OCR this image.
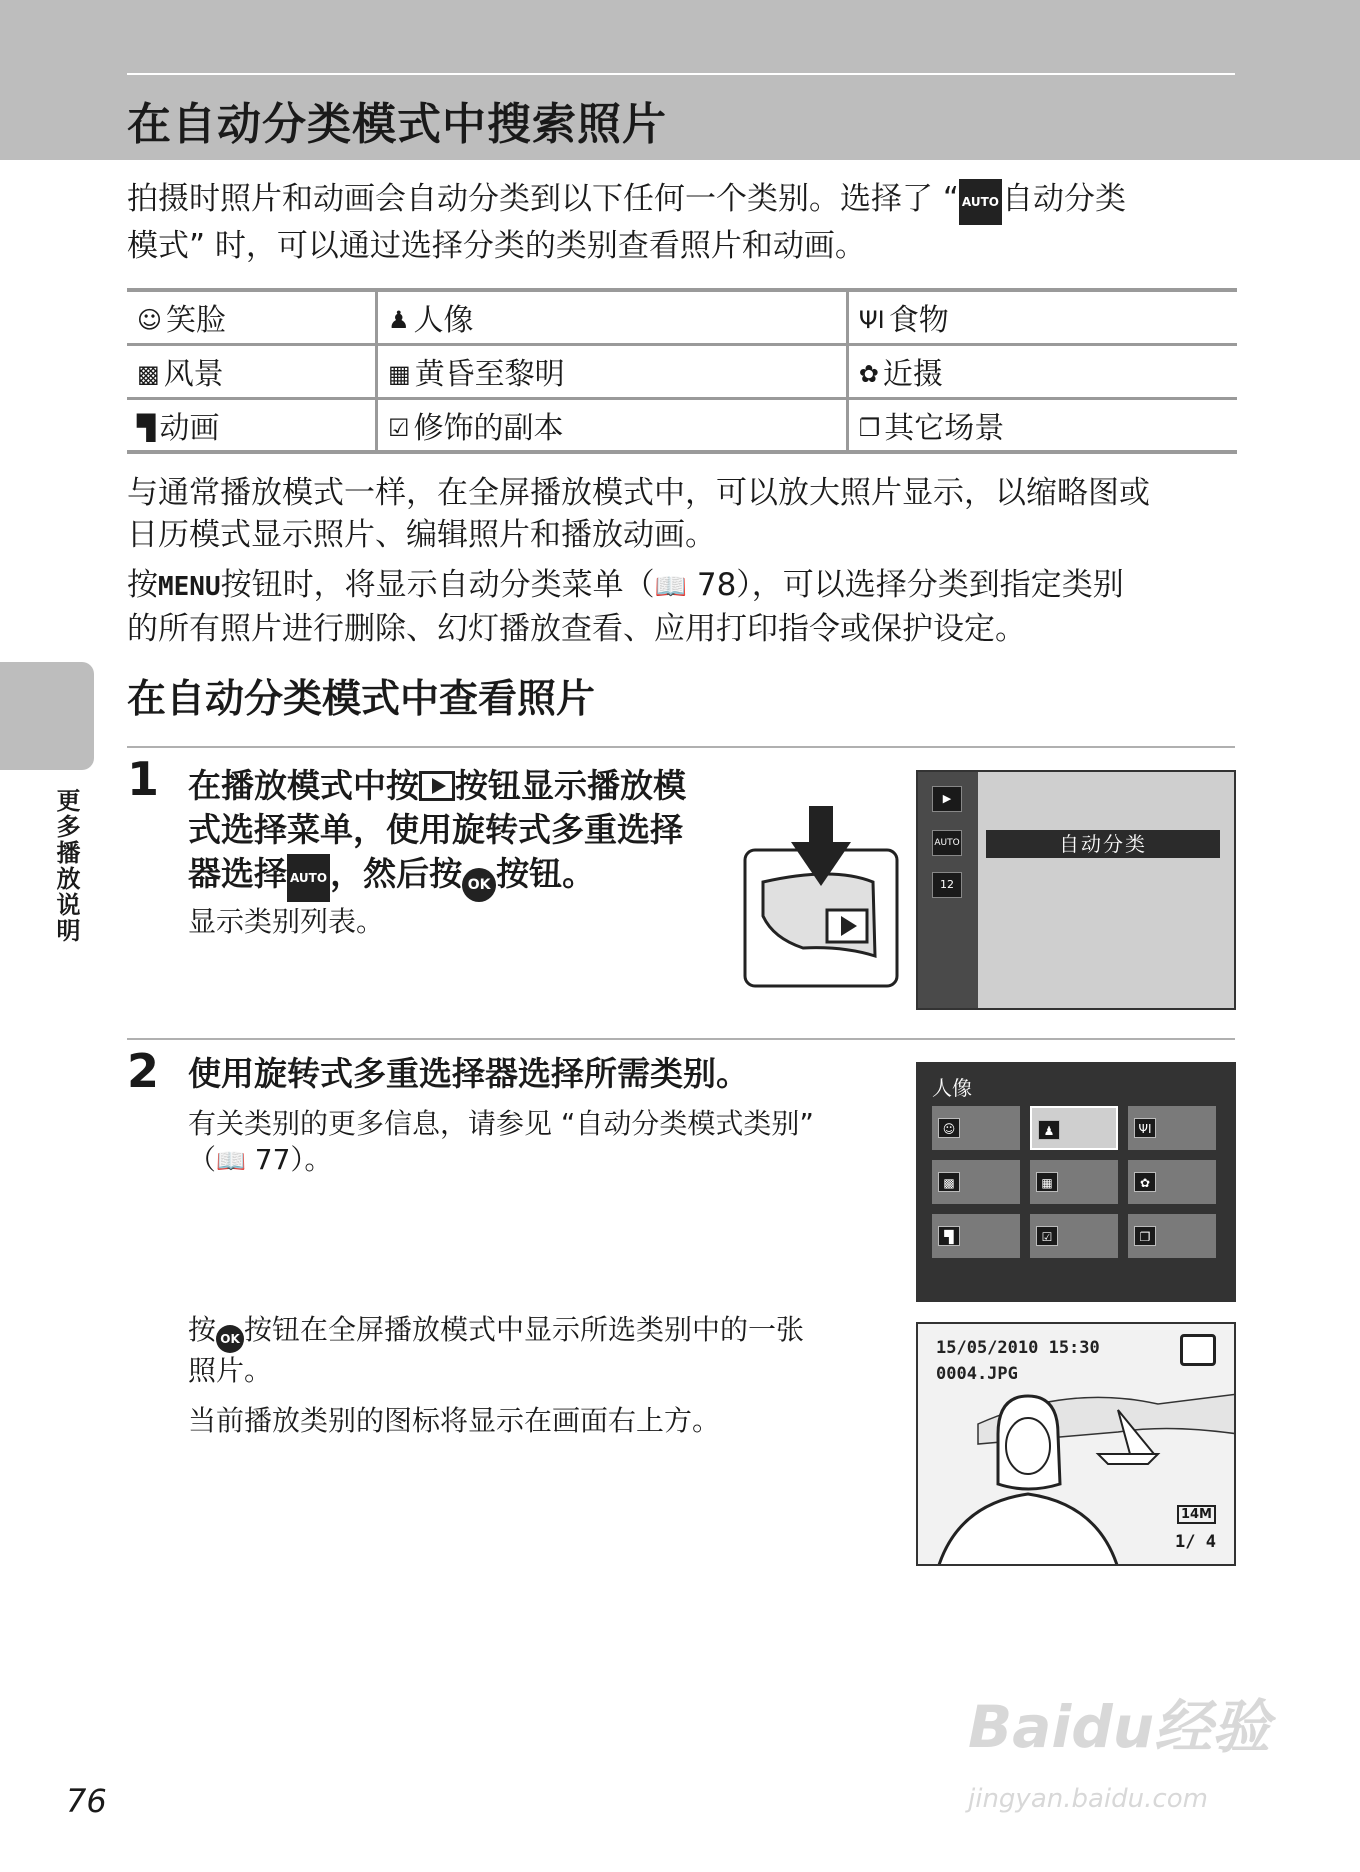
在自动分类模式中搜索照片
更多播放说明
拍摄时照片和动画会自动分类到以下任何一个类别。选择了 “ AUTO自动分类
模式” 时，可以通过选择分类的类别查看照片和动画。
☺ 笑脸	♟ 人像	ΨI 食物
▩ 风景	▦ 黄昏至黎明	✿ 近摄
▜ 动画	☑ 修饰的副本	❐ 其它场景
与通常播放模式一样，在全屏播放模式中，可以放大照片显示，以缩略图或
日历模式显示照片、编辑照片和播放动画。
按MENU按钮时，将显示自动分类菜单（📖 78），可以选择分类到指定类别
的所有照片进行删除、幻灯播放查看、应用打印指令或保护设定。
在自动分类模式中查看照片
1 在播放模式中按 按钮显示播放模
式选择菜单，使用旋转式多重选择
器选择 AUTO，然后按 OK 按钮。
显示类别列表。
▶
AUTO
12
自动分类
2 使用旋转式多重选择器选择所需类别。
有关类别的更多信息，请参见 “自动分类模式类别”
（📖 77）。
人像
☺	♟	ΨI
▩	▦	✿
▜	☑	❐
按 OK 按钮在全屏播放模式中显示所选类别中的一张
照片。
当前播放类别的图标将显示在画面右上方。
15/05/2010 15:30
0004.JPG
14M
1/ 4
76
Baidu经验
jingyan.baidu.com
